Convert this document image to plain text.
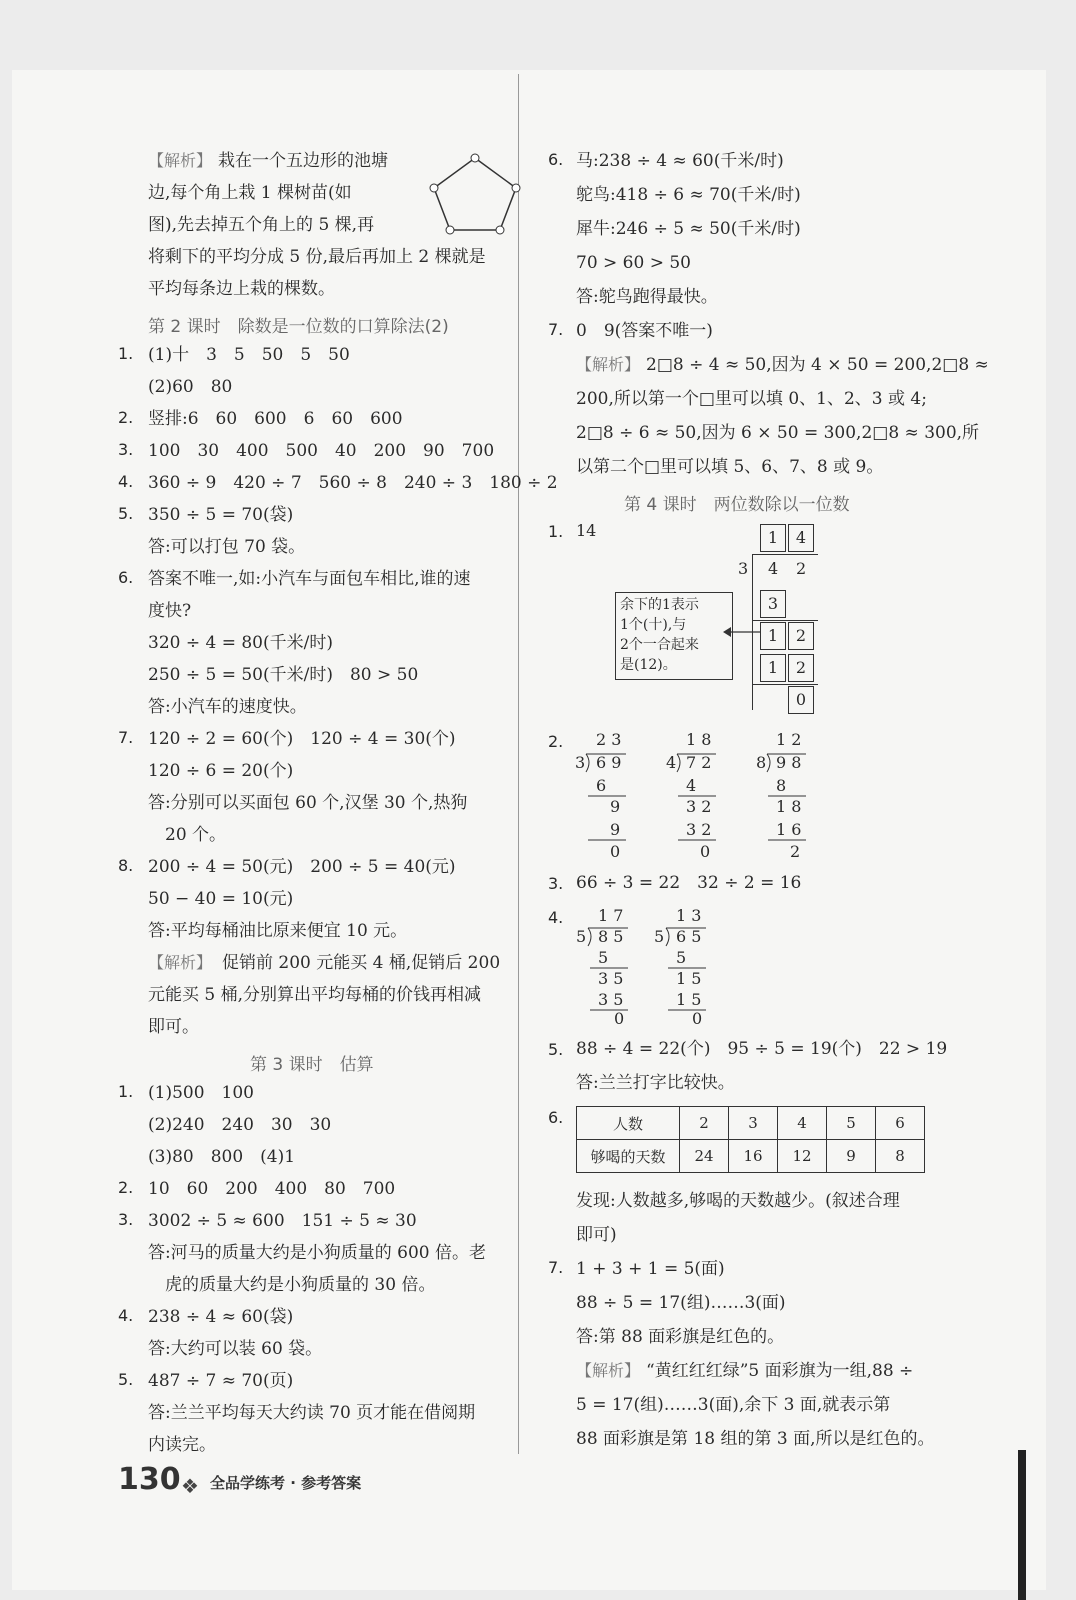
1	4
3 4 2
3
1	2
1	2
0
余下的1表示
1个(十),与
2个一合起来
是(12)。
2 3
3 6 9
6
9
9
0
1 8
4 7 2
4
3 2
3 2
0
1 2
8 9 8
8
1 8
1 6
2
1 7
5 8 5
5
3 5
3 5
0
1 3
5 6 5
5
1 5
1 5
0
人数	2	3	4	5	6
够喝的天数	24	16	12	9	8
130 ❖ 全品学练考 · 参考答案
【解析】 栽在一个五边形的池塘
边,每个角上栽 1 棵树苗(如
图),先去掉五个角上的 5 棵,再
将剩下的平均分成 5 份,最后再加上 2 棵就是
平均每条边上栽的棵数。
第 2 课时　除数是一位数的口算除法(2)
1. (1)十　3　5　50　5　50
(2)60　80
2. 竖排:6　60　600　6　60　600
3. 100　30　400　500　40　200　90　700
4. 360 ÷ 9　420 ÷ 7　560 ÷ 8　240 ÷ 3　180 ÷ 2
5. 350 ÷ 5 = 70(袋)
答:可以打包 70 袋。
6. 答案不唯一,如:小汽车与面包车相比,谁的速
度快?
320 ÷ 4 = 80(千米/时)
250 ÷ 5 = 50(千米/时)　80 > 50
答:小汽车的速度快。
7. 120 ÷ 2 = 60(个)　120 ÷ 4 = 30(个)
120 ÷ 6 = 20(个)
答:分别可以买面包 60 个,汉堡 30 个,热狗
　20 个。
8. 200 ÷ 4 = 50(元)　200 ÷ 5 = 40(元)
50 − 40 = 10(元)
答:平均每桶油比原来便宜 10 元。
【解析】 促销前 200 元能买 4 桶,促销后 200
元能买 5 桶,分别算出平均每桶的价钱再相减
即可。
第 3 课时　估算
1. (1)500　100
(2)240　240　30　30
(3)80　800　(4)1
2. 10　60　200　400　80　700
3. 3002 ÷ 5 ≈ 600　151 ÷ 5 ≈ 30
答:河马的质量大约是小狗质量的 600 倍。老
　虎的质量大约是小狗质量的 30 倍。
4. 238 ÷ 4 ≈ 60(袋)
答:大约可以装 60 袋。
5. 487 ÷ 7 ≈ 70(页)
答:兰兰平均每天大约读 70 页才能在借阅期
内读完。
6. 马:238 ÷ 4 ≈ 60(千米/时)
鸵鸟:418 ÷ 6 ≈ 70(千米/时)
犀牛:246 ÷ 5 ≈ 50(千米/时)
70 > 60 > 50
答:鸵鸟跑得最快。
7. 0　9(答案不唯一)
【解析】 2□8 ÷ 4 ≈ 50,因为 4 × 50 = 200,2□8 ≈
200,所以第一个□里可以填 0、1、2、3 或 4;
2□8 ÷ 6 ≈ 50,因为 6 × 50 = 300,2□8 ≈ 300,所
以第二个□里可以填 5、6、7、8 或 9。
第 4 课时　两位数除以一位数
1. 14
2.
3. 66 ÷ 3 = 22　32 ÷ 2 = 16
4.
5. 88 ÷ 4 = 22(个)　95 ÷ 5 = 19(个)　22 > 19
答:兰兰打字比较快。
6.
发现:人数越多,够喝的天数越少。(叙述合理
即可)
7. 1 + 3 + 1 = 5(面)
88 ÷ 5 = 17(组)……3(面)
答:第 88 面彩旗是红色的。
【解析】 “黄红红红绿”5 面彩旗为一组,88 ÷
5 = 17(组)……3(面),余下 3 面,就表示第
88 面彩旗是第 18 组的第 3 面,所以是红色的。
